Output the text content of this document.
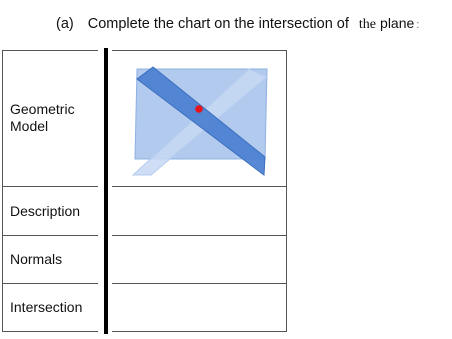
(a) Complete the chart on the intersection of the plane :
Geometric Model
Description
Normals
Intersection
